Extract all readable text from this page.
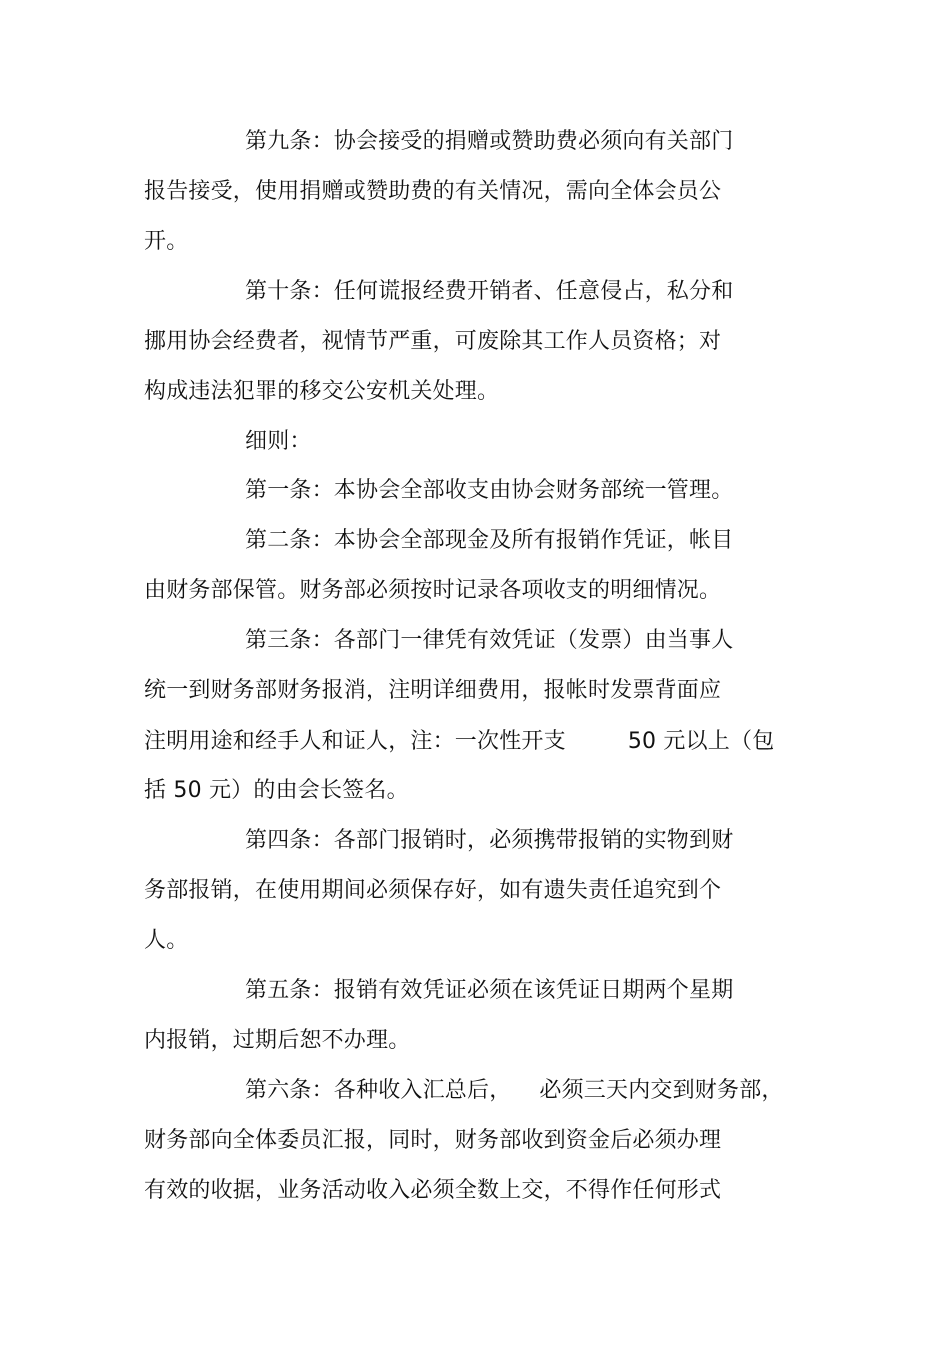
第九条：协会接受的捐赠或赞助费必须向有关部门
报告接受，使用捐赠或赞助费的有关情况，需向全体会员公
开。
第十条：任何谎报经费开销者、任意侵占，私分和
挪用协会经费者，视情节严重，可废除其工作人员资格；对
构成违法犯罪的移交公安机关处理。
细则：
第一条：本协会全部收支由协会财务部统一管理。
第二条：本协会全部现金及所有报销作凭证，帐目
由财务部保管。财务部必须按时记录各项收支的明细情况。
第三条：各部门一律凭有效凭证（发票）由当事人
统一到财务部财务报消，注明详细费用，报帐时发票背面应
注明用途和经手人和证人，注：一次性开支	50 元以上（包
括 50 元）的由会长签名。
第四条：各部门报销时，必须携带报销的实物到财
务部报销，在使用期间必须保存好，如有遗失责任追究到个
人。
第五条：报销有效凭证必须在该凭证日期两个星期
内报销，过期后恕不办理。
第六条：各种收入汇总后， 必须三天内交到财务部，
财务部向全体委员汇报，同时，财务部收到资金后必须办理
有效的收据，业务活动收入必须全数上交，不得作任何形式
